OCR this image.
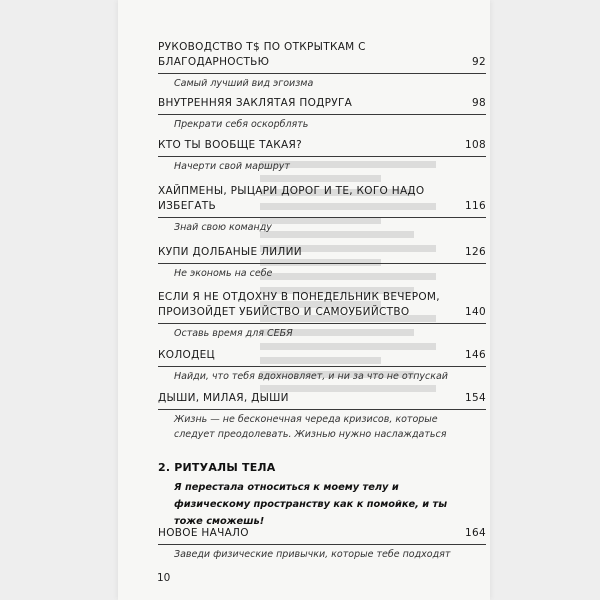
РУКОВОДСТВО Т$ ПО ОТКРЫТКАМ С БЛАГОДАРНОСТЬЮ	92
Самый лучший вид эгоизма
ВНУТРЕННЯЯ ЗАКЛЯТАЯ ПОДРУГА	98
Прекрати себя оскорблять
КТО ТЫ ВООБЩЕ ТАКАЯ?	108
Начерти свой маршрут
ХАЙПМЕНЫ, РЫЦАРИ ДОРОГ И ТЕ, КОГО НАДО ИЗБЕГАТЬ	116
Знай свою команду
КУПИ ДОЛБАНЫЕ ЛИЛИИ	126
Не экономь на себе
ЕСЛИ Я НЕ ОТДОХНУ В ПОНЕДЕЛЬНИК ВЕЧЕРОМ, ПРОИЗОЙДЕТ УБИЙСТВО И САМОУБИЙСТВО	140
Оставь время для СЕБЯ
КОЛОДЕЦ	146
Найди, что тебя вдохновляет, и ни за что не отпускай
ДЫШИ, МИЛАЯ, ДЫШИ	154
Жизнь — не бесконечная череда кризисов, которые следует преодолевать. Жизнью нужно наслаждаться
2. РИТУАЛЫ ТЕЛА
Я перестала относиться к моему телу и физическому пространству как к помойке, и ты тоже сможешь!
НОВОЕ НАЧАЛО	164
Заведи физические привычки, которые тебе подходят
10
